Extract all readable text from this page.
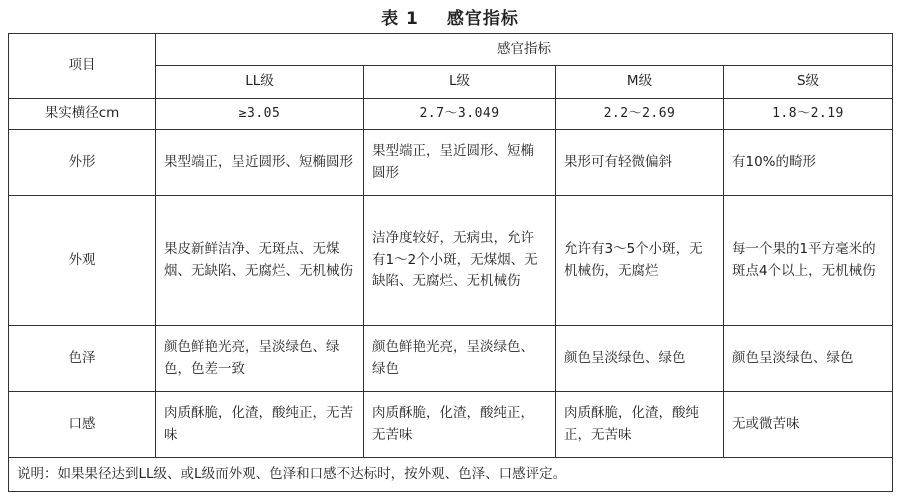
表 1 感官指标
项目	感官指标			
	LL级	L级	M级	S级
果实横径cm	≥3.05	2.7～3.049	2.2～2.69	1.8～2.19
外形	果型端正，呈近圆形、短椭圆形	果型端正，呈近圆形、短椭圆形	果形可有轻微偏斜	有10%的畸形
外观	果皮新鲜洁净、无斑点、无煤烟、无缺陷、无腐烂、无机械伤	洁净度较好，无病虫，允许有1～2个小斑，无煤烟、无缺陷、无腐烂、无机械伤	允许有3～5个小斑，无机械伤，无腐烂	每一个果的1平方毫米的斑点4个以上，无机械伤
色泽	颜色鲜艳光亮，呈淡绿色、绿色，色差一致	颜色鲜艳光亮，呈淡绿色、绿色	颜色呈淡绿色、绿色	颜色呈淡绿色、绿色
口感	肉质酥脆，化渣，酸纯正，无苦味	肉质酥脆，化渣，酸纯正，无苦味	肉质酥脆，化渣，酸纯正，无苦味	无或微苦味
说明：如果果径达到LL级、或L级而外观、色泽和口感不达标时，按外观、色泽、口感评定。				
